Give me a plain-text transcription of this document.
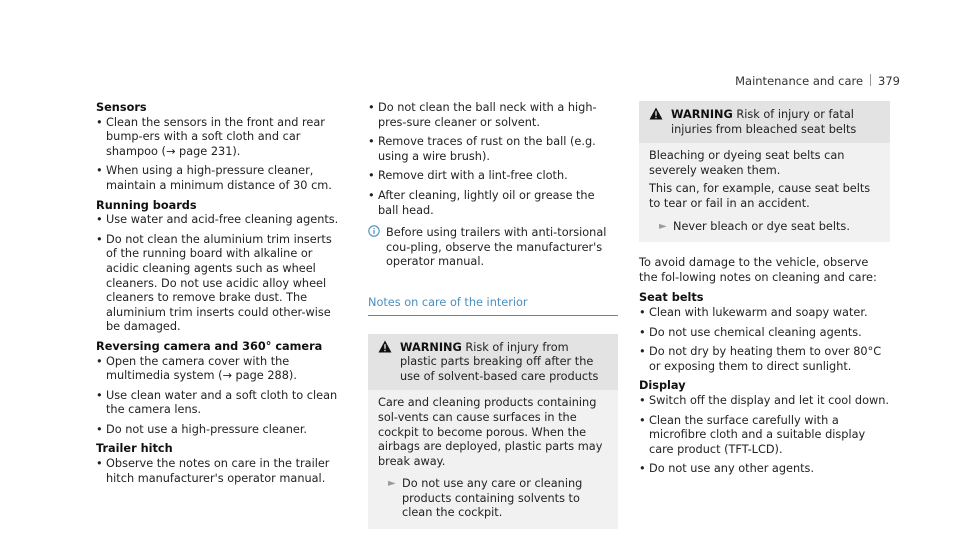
Maintenance and care 379

Sensors

• Clean the sensors in the front and rear bump-ers with a soft cloth and car shampoo (→ page 231).
• When using a high-pressure cleaner, maintain a minimum distance of 30 cm.

Running boards

• Use water and acid-free cleaning agents.
• Do not clean the aluminium trim inserts of the running board with alkaline or acidic cleaning agents such as wheel cleaners. Do not use acidic alloy wheel cleaners to remove brake dust. The aluminium trim inserts could other-wise be damaged.

Reversing camera and 360° camera

• Open the camera cover with the multimedia system (→ page 288).
• Use clean water and a soft cloth to clean the camera lens.
• Do not use a high-pressure cleaner.

Trailer hitch

• Observe the notes on care in the trailer hitch manufacturer's operator manual.
• Do not clean the ball neck with a high-pres-sure cleaner or solvent.
• Remove traces of rust on the ball (e.g. using a wire brush).
• Remove dirt with a lint-free cloth.
• After cleaning, lightly oil or grease the ball head.
Before using trailers with anti-torsional cou-pling, observe the manufacturer's operator manual.
Notes on care of the interior
WARNING Risk of injury from plastic parts breaking off after the use of solvent-based care products

Care and cleaning products containing sol-vents can cause surfaces in the cockpit to become porous. When the airbags are deployed, plastic parts may break away.

► Do not use any care or cleaning products containing solvents to clean the cockpit.
WARNING Risk of injury or fatal injuries from bleached seat belts

Bleaching or dyeing seat belts can severely weaken them.

This can, for example, cause seat belts to tear or fail in an accident.

► Never bleach or dye seat belts.

To avoid damage to the vehicle, observe the fol-lowing notes on cleaning and care:

Seat belts

• Clean with lukewarm and soapy water.
• Do not use chemical cleaning agents.
• Do not dry by heating them to over 80°C or exposing them to direct sunlight.

Display

• Switch off the display and let it cool down.
• Clean the surface carefully with a microfibre cloth and a suitable display care product (TFT-LCD).
• Do not use any other agents.
